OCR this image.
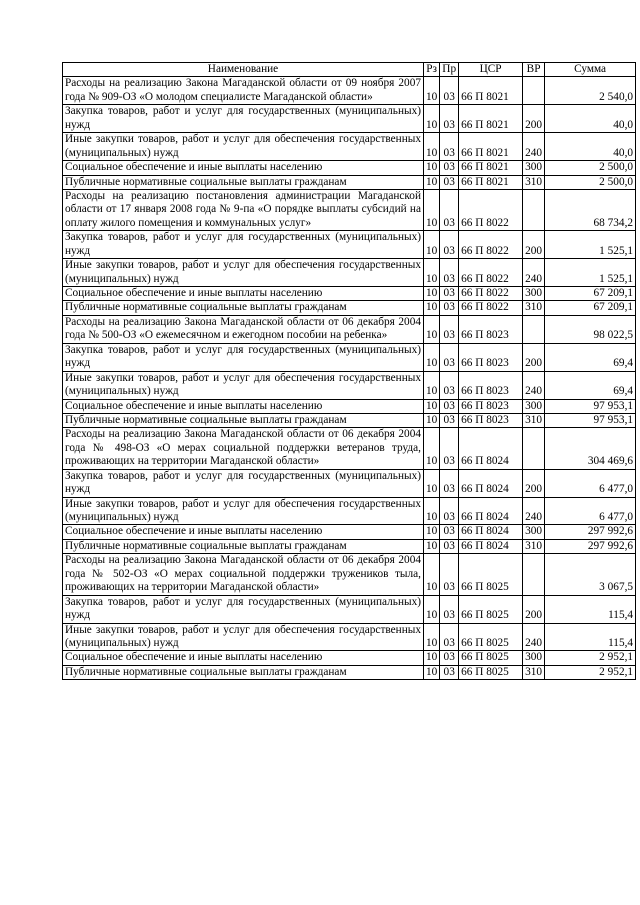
Наименование	Рз	Пр	ЦСР	ВР	Сумма
Расходы на реализацию Закона Магаданской области от 09 ноября 2007 года № 909-ОЗ «О молодом специалисте Магаданской области»	10	03	66 П 8021		2 540,0
Закупка товаров, работ и услуг для государственных (муниципальных) нужд	10	03	66 П 8021	200	40,0
Иные закупки товаров, работ и услуг для обеспечения государственных (муниципальных) нужд	10	03	66 П 8021	240	40,0
Социальное обеспечение и иные выплаты населению	10	03	66 П 8021	300	2 500,0
Публичные нормативные социальные выплаты гражданам	10	03	66 П 8021	310	2 500,0
Расходы на реализацию постановления администрации Магаданской области от 17 января 2008 года № 9-па «О порядке выплаты субсидий на оплату жилого помещения и коммунальных услуг»	10	03	66 П 8022		68 734,2
Закупка товаров, работ и услуг для государственных (муниципальных) нужд	10	03	66 П 8022	200	1 525,1
Иные закупки товаров, работ и услуг для обеспечения государственных (муниципальных) нужд	10	03	66 П 8022	240	1 525,1
Социальное обеспечение и иные выплаты населению	10	03	66 П 8022	300	67 209,1
Публичные нормативные социальные выплаты гражданам	10	03	66 П 8022	310	67 209,1
Расходы на реализацию Закона Магаданской области от 06 декабря 2004 года № 500-ОЗ «О ежемесячном и ежегодном пособии на ребенка»	10	03	66 П 8023		98 022,5
Закупка товаров, работ и услуг для государственных (муниципальных) нужд	10	03	66 П 8023	200	69,4
Иные закупки товаров, работ и услуг для обеспечения государственных (муниципальных) нужд	10	03	66 П 8023	240	69,4
Социальное обеспечение и иные выплаты населению	10	03	66 П 8023	300	97 953,1
Публичные нормативные социальные выплаты гражданам	10	03	66 П 8023	310	97 953,1
Расходы на реализацию Закона Магаданской области от 06 декабря 2004 года № 498-ОЗ «О мерах социальной поддержки ветеранов труда, проживающих на территории Магаданской области»	10	03	66 П 8024		304 469,6
Закупка товаров, работ и услуг для государственных (муниципальных) нужд	10	03	66 П 8024	200	6 477,0
Иные закупки товаров, работ и услуг для обеспечения государственных (муниципальных) нужд	10	03	66 П 8024	240	6 477,0
Социальное обеспечение и иные выплаты населению	10	03	66 П 8024	300	297 992,6
Публичные нормативные социальные выплаты гражданам	10	03	66 П 8024	310	297 992,6
Расходы на реализацию Закона Магаданской области от 06 декабря 2004 года № 502-ОЗ «О мерах социальной поддержки тружеников тыла, проживающих на территории Магаданской области»	10	03	66 П 8025		3 067,5
Закупка товаров, работ и услуг для государственных (муниципальных) нужд	10	03	66 П 8025	200	115,4
Иные закупки товаров, работ и услуг для обеспечения государственных (муниципальных) нужд	10	03	66 П 8025	240	115,4
Социальное обеспечение и иные выплаты населению	10	03	66 П 8025	300	2 952,1
Публичные нормативные социальные выплаты гражданам	10	03	66 П 8025	310	2 952,1
